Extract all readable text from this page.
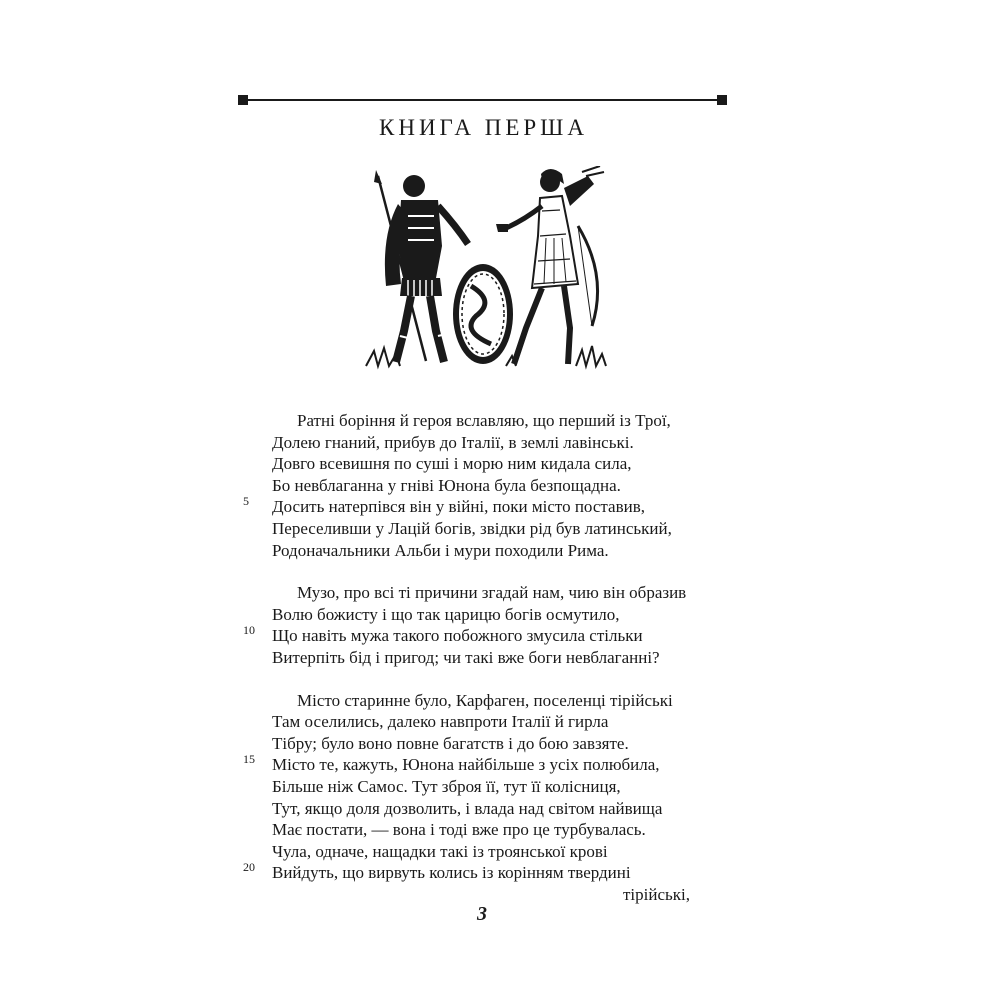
КНИГА ПЕРША
Ратні боріння й героя вславляю, що перший із Трої,
Долею гнаний, прибув до Італії, в землі лавінські.
Довго всевишня по суші і морю ним кидала сила,
Бо невблаганна у гніві Юнона була безпощадна.
5 Досить натерпівся він у війні, поки місто поставив,
Переселивши у Лацій богів, звідки рід був латинський,
Родоначальники Альби і мури походили Рима.
Музо, про всі ті причини згадай нам, чию він образив
Волю божисту і що так царицю богів осмутило,
10 Що навіть мужа такого побожного змусила стільки
Витерпіть бід і пригод; чи такі вже боги невблаганні?
Місто старинне було, Карфаген, поселенці тірійські
Там оселились, далеко навпроти Італії й гирла
Тібру; було воно повне багатств і до бою завзяте.
15 Місто те, кажуть, Юнона найбільше з усіх полюбила,
Більше ніж Самос. Тут зброя її, тут її колісниця,
Тут, якщо доля дозволить, і влада над світом найвища
Має постати, — вона і тоді вже про це турбувалась.
Чула, одначе, нащадки такі із троянської крові
20 Вийдуть, що вирвуть колись із корінням твердині
тірійські,
3
